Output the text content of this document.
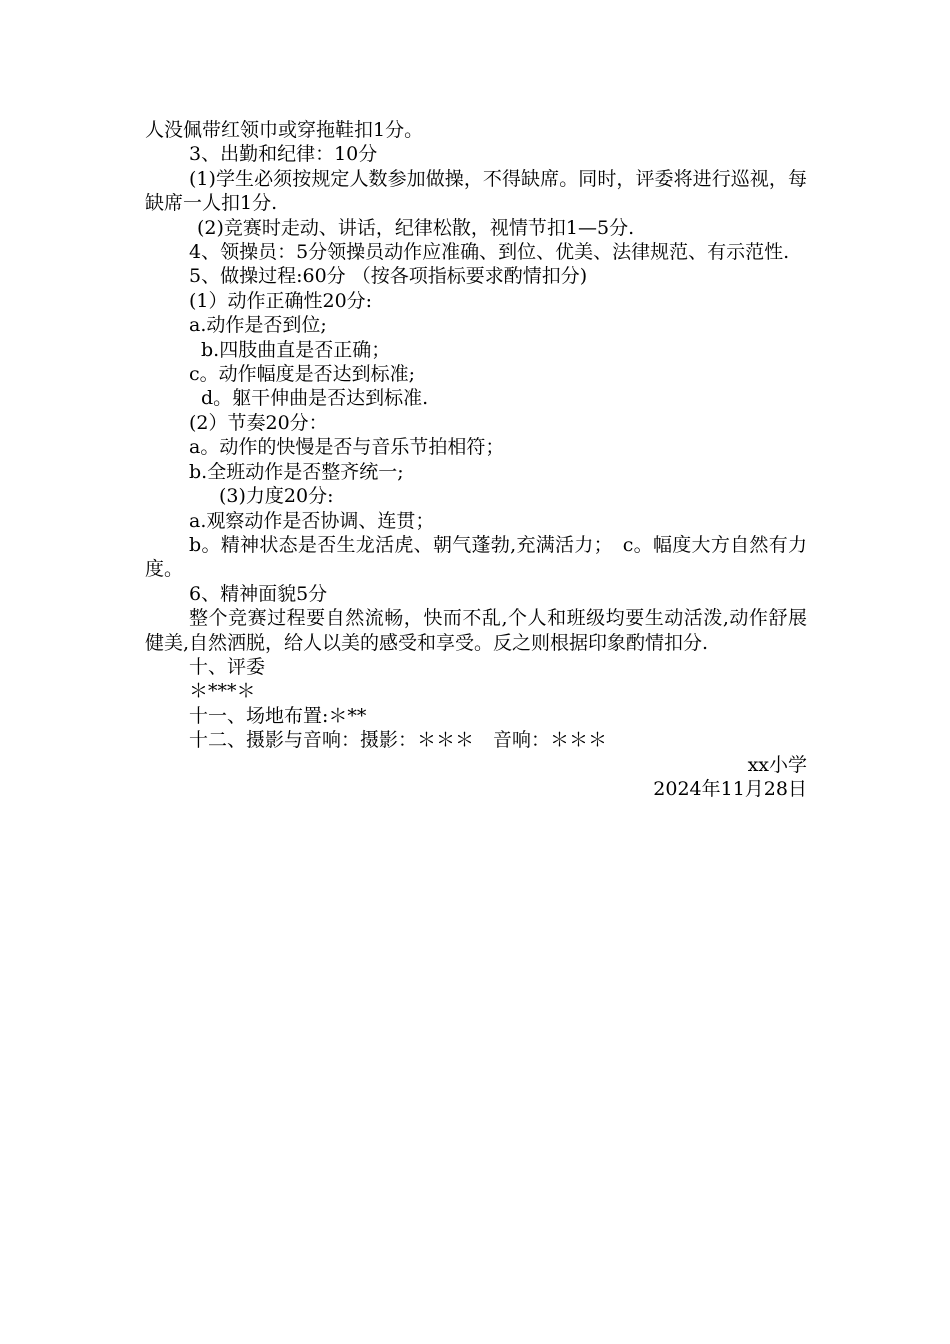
人没佩带红领巾或穿拖鞋扣1分。

3、出勤和纪律：10分

(1)学生必须按规定人数参加做操，不得缺席。同时，评委将进行巡视，每缺席一人扣1分.

(2)竞赛时走动、讲话，纪律松散，视情节扣1—5分.

4、领操员：5分领操员动作应准确、到位、优美、法律规范、有示范性.

5、做操过程:60分 （按各项指标要求酌情扣分)

(1）动作正确性20分:

a.动作是否到位;

b.四肢曲直是否正确；

c。动作幅度是否达到标准;

d。躯干伸曲是否达到标准.

(2）节奏20分：

a。动作的快慢是否与音乐节拍相符；

b.全班动作是否整齐统一;

(3)力度20分:

a.观察动作是否协调、连贯；

b。精神状态是否生龙活虎、朝气蓬勃,充满活力；　c。幅度大方自然有力度。

6、精神面貌5分

整个竞赛过程要自然流畅，快而不乱,个人和班级均要生动活泼,动作舒展健美,自然洒脱，给人以美的感受和享受。反之则根据印象酌情扣分.

十、评委

＊***＊

十一、场地布置:＊**

十二、摄影与音响：摄影：＊＊＊　音响：＊＊＊

xx小学

2024年11月28日
